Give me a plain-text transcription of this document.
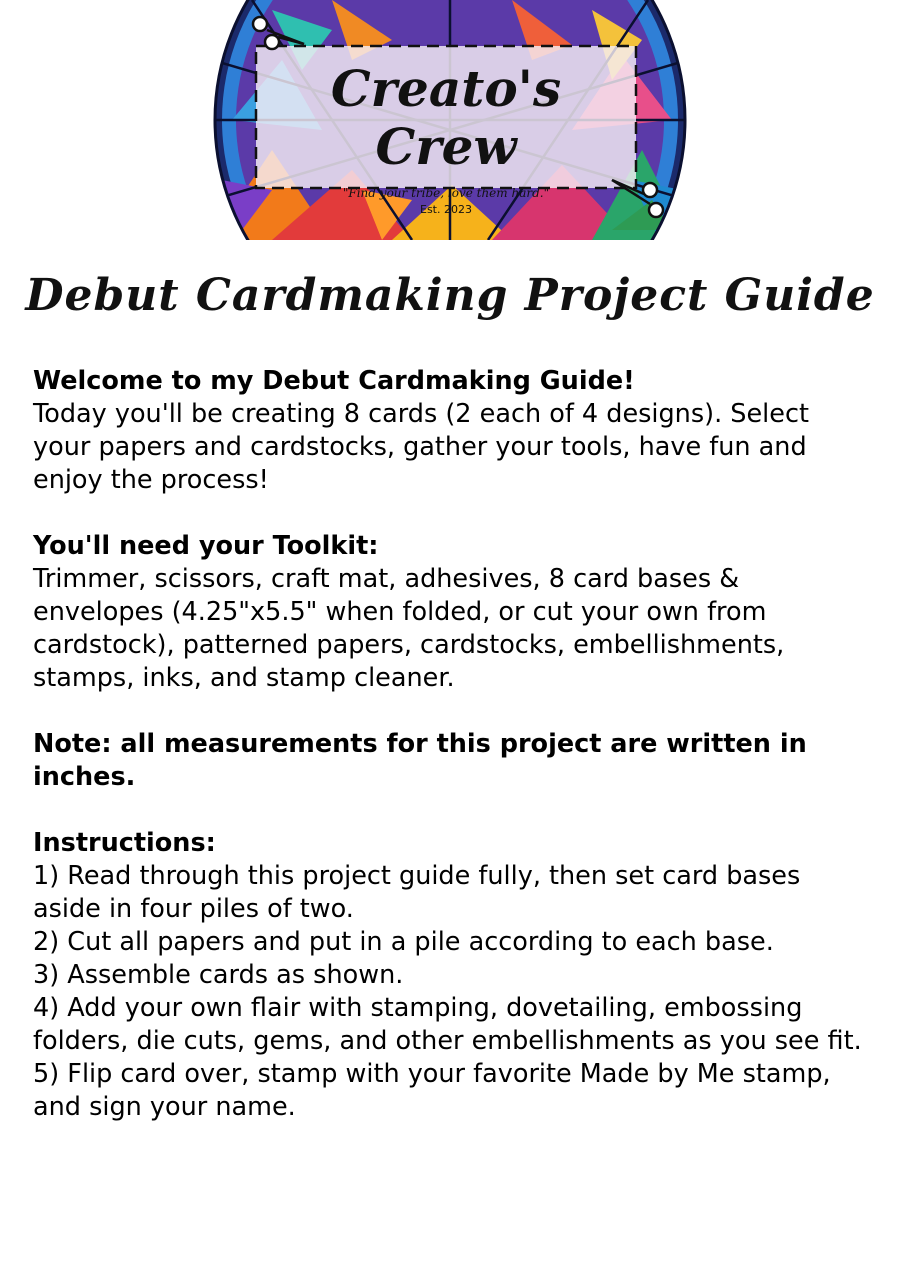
Creato's Crew
"Find your tribe, love them hard."
Est. 2023
Debut Cardmaking Project Guide
Welcome to my Debut Cardmaking Guide!

Today you'll be creating 8 cards (2 each of 4 designs). Select your papers and cardstocks, gather your tools, have fun and enjoy the process!

You'll need your Toolkit:

Trimmer, scissors, craft mat, adhesives, 8 card bases & envelopes (4.25"x5.5" when folded, or cut your own from cardstock), patterned papers, cardstocks, embellishments, stamps, inks, and stamp cleaner.

Note: all measurements for this project are written in inches.
Instructions:

1) Read through this project guide fully, then set card bases aside in four piles of two.

2) Cut all papers and put in a pile according to each base.

3) Assemble cards as shown.

4) Add your own flair with stamping, dovetailing, embossing folders, die cuts, gems, and other embellishments as you see fit.

5) Flip card over, stamp with your favorite Made by Me stamp, and sign your name.
